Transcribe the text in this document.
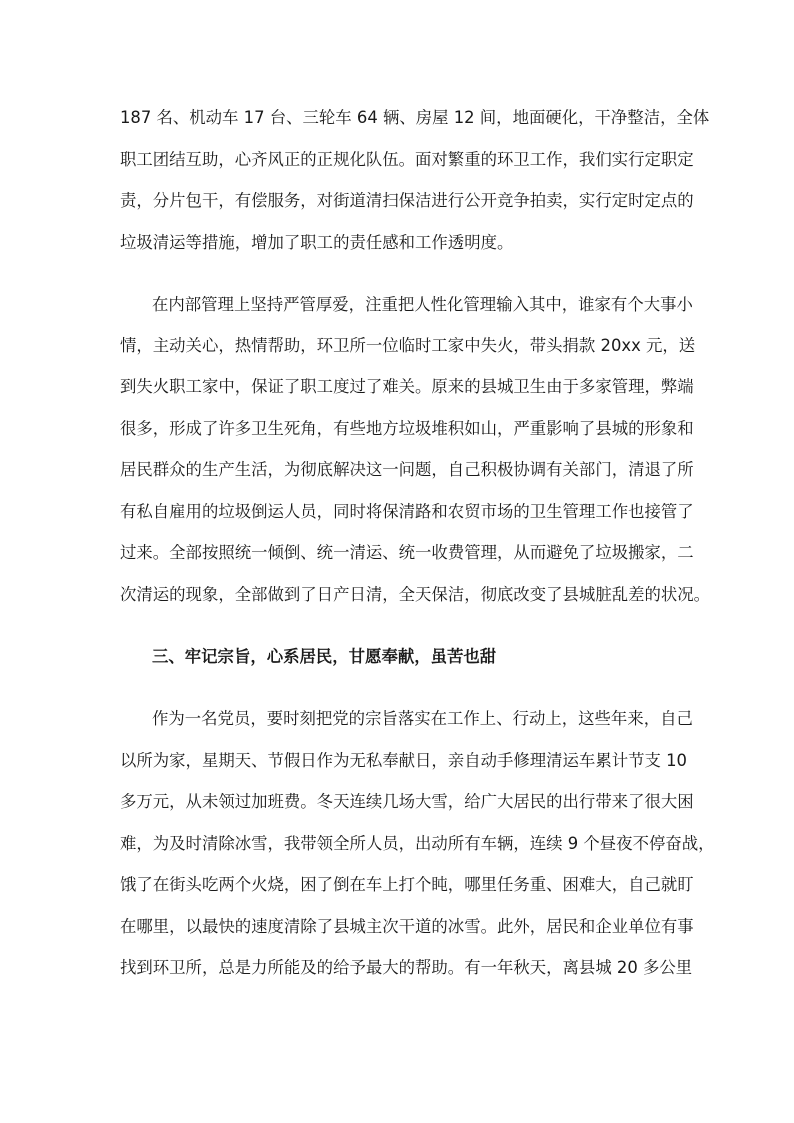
187 名、机动车 17 台、三轮车 64 辆、房屋 12 间，地面硬化，干净整洁，全体
职工团结互助，心齐风正的正规化队伍。面对繁重的环卫工作，我们实行定职定
责，分片包干，有偿服务，对街道清扫保洁进行公开竞争拍卖，实行定时定点的
垃圾清运等措施，增加了职工的责任感和工作透明度。
在内部管理上坚持严管厚爱，注重把人性化管理输入其中，谁家有个大事小
情，主动关心，热情帮助，环卫所一位临时工家中失火，带头捐款 20xx 元，送
到失火职工家中，保证了职工度过了难关。原来的县城卫生由于多家管理，弊端
很多，形成了许多卫生死角，有些地方垃圾堆积如山，严重影响了县城的形象和
居民群众的生产生活，为彻底解决这一问题，自己积极协调有关部门，清退了所
有私自雇用的垃圾倒运人员，同时将保清路和农贸市场的卫生管理工作也接管了
过来。全部按照统一倾倒、统一清运、统一收费管理，从而避免了垃圾搬家，二
次清运的现象，全部做到了日产日清，全天保洁，彻底改变了县城脏乱差的状况。
三、牢记宗旨，心系居民，甘愿奉献，虽苦也甜
作为一名党员，要时刻把党的宗旨落实在工作上、行动上，这些年来，自己
以所为家，星期天、节假日作为无私奉献日，亲自动手修理清运车累计节支 10
多万元，从未领过加班费。冬天连续几场大雪，给广大居民的出行带来了很大困
难，为及时清除冰雪，我带领全所人员，出动所有车辆，连续 9 个昼夜不停奋战，
饿了在街头吃两个火烧，困了倒在车上打个盹，哪里任务重、困难大，自己就盯
在哪里，以最快的速度清除了县城主次干道的冰雪。此外，居民和企业单位有事
找到环卫所，总是力所能及的给予最大的帮助。有一年秋天，离县城 20 多公里
